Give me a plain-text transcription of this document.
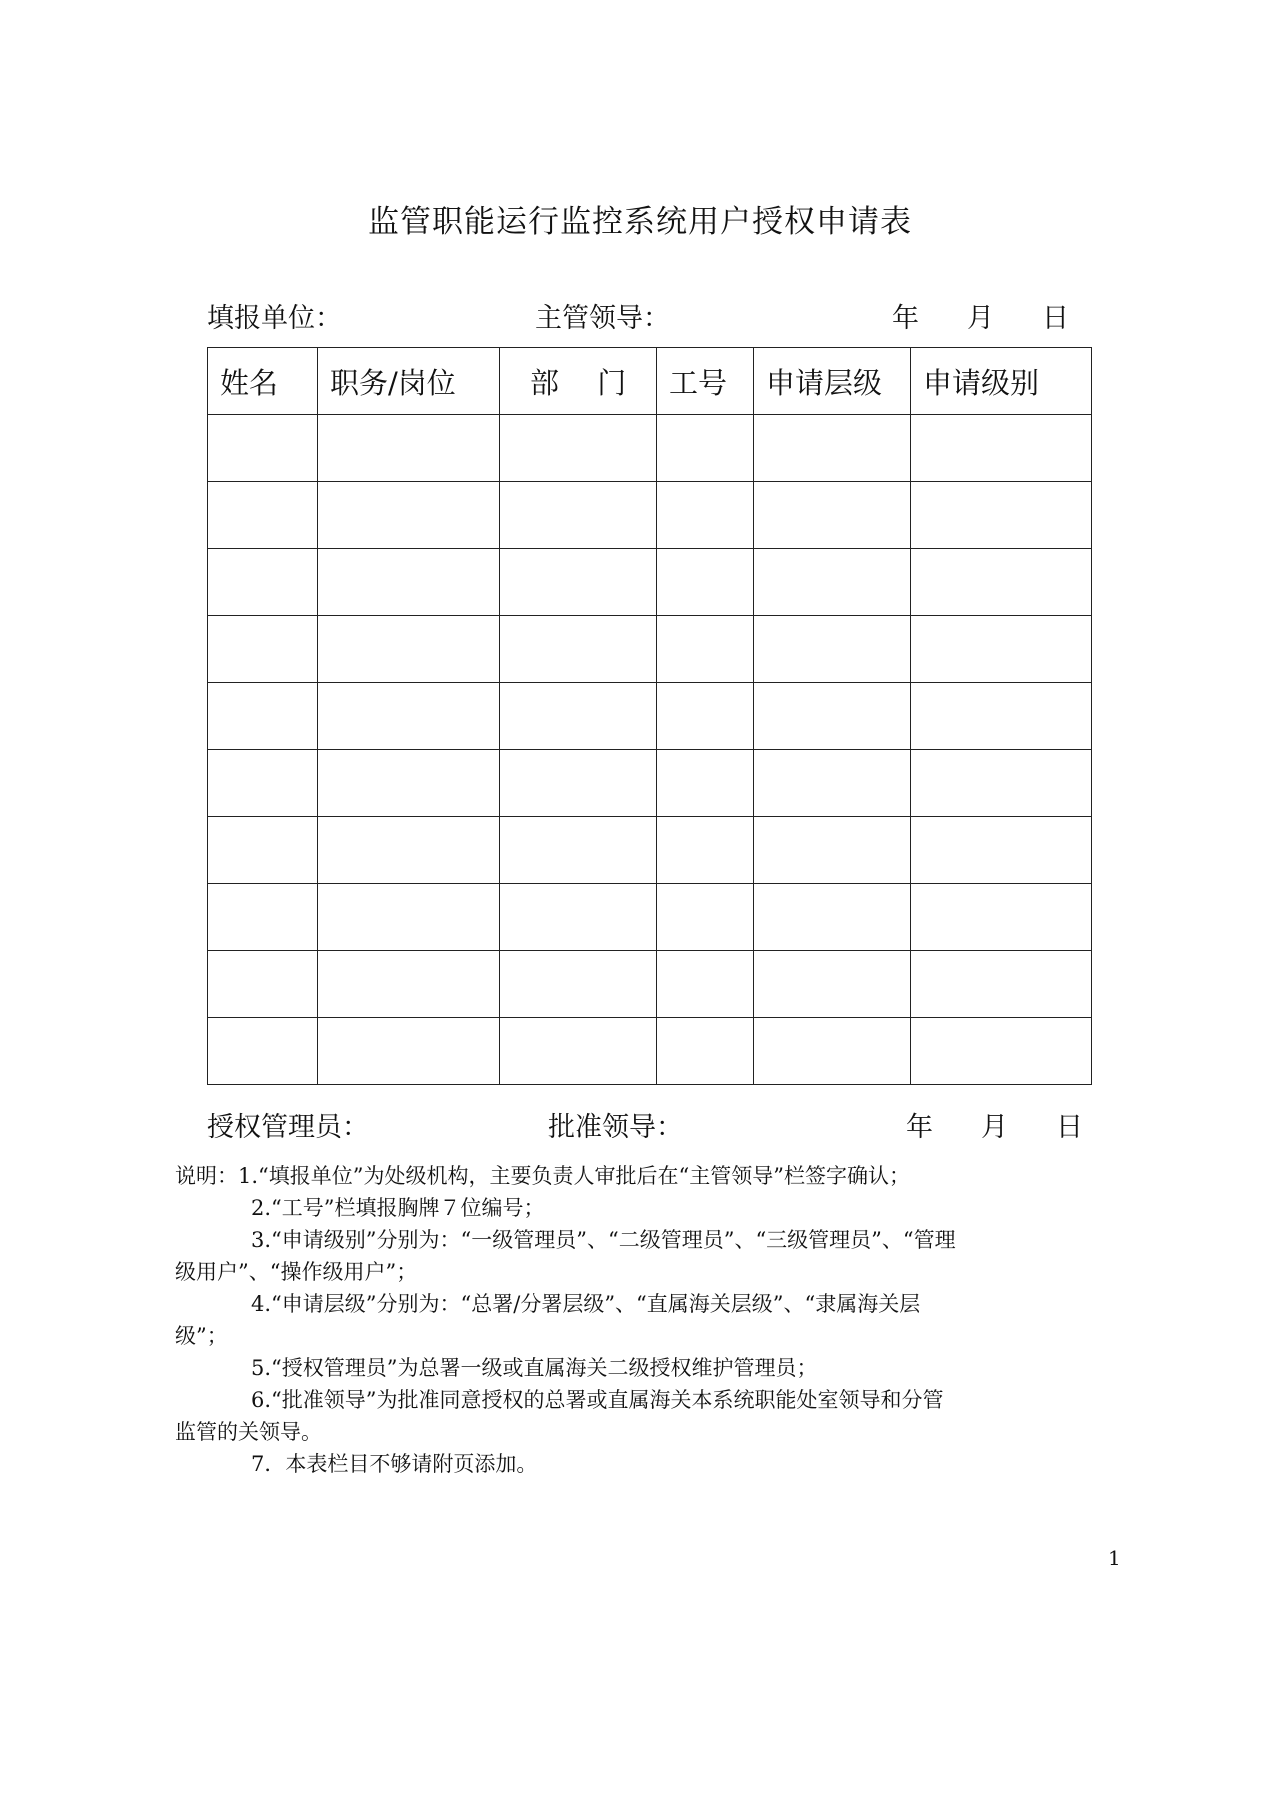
监管职能运行监控系统用户授权申请表
填报单位：	主管领导：	年 月 日
姓名	职务/岗位	部　 门	工号	申请层级	申请级别

授权管理员：	批准领导：	年 月 日
说明：1.“填报单位”为处级机构，主要负责人审批后在“主管领导”栏签字确认；
2.“工号”栏填报胸牌７位编号；
3.“申请级别”分别为：“一级管理员”、“二级管理员”、“三级管理员”、“管理
级用户”、“操作级用户”；
4.“申请层级”分别为：“总署/分署层级”、“直属海关层级”、“隶属海关层
级”；
5.“授权管理员”为总署一级或直属海关二级授权维护管理员；
6.“批准领导”为批准同意授权的总署或直属海关本系统职能处室领导和分管
监管的关领导。
7．本表栏目不够请附页添加。
1
